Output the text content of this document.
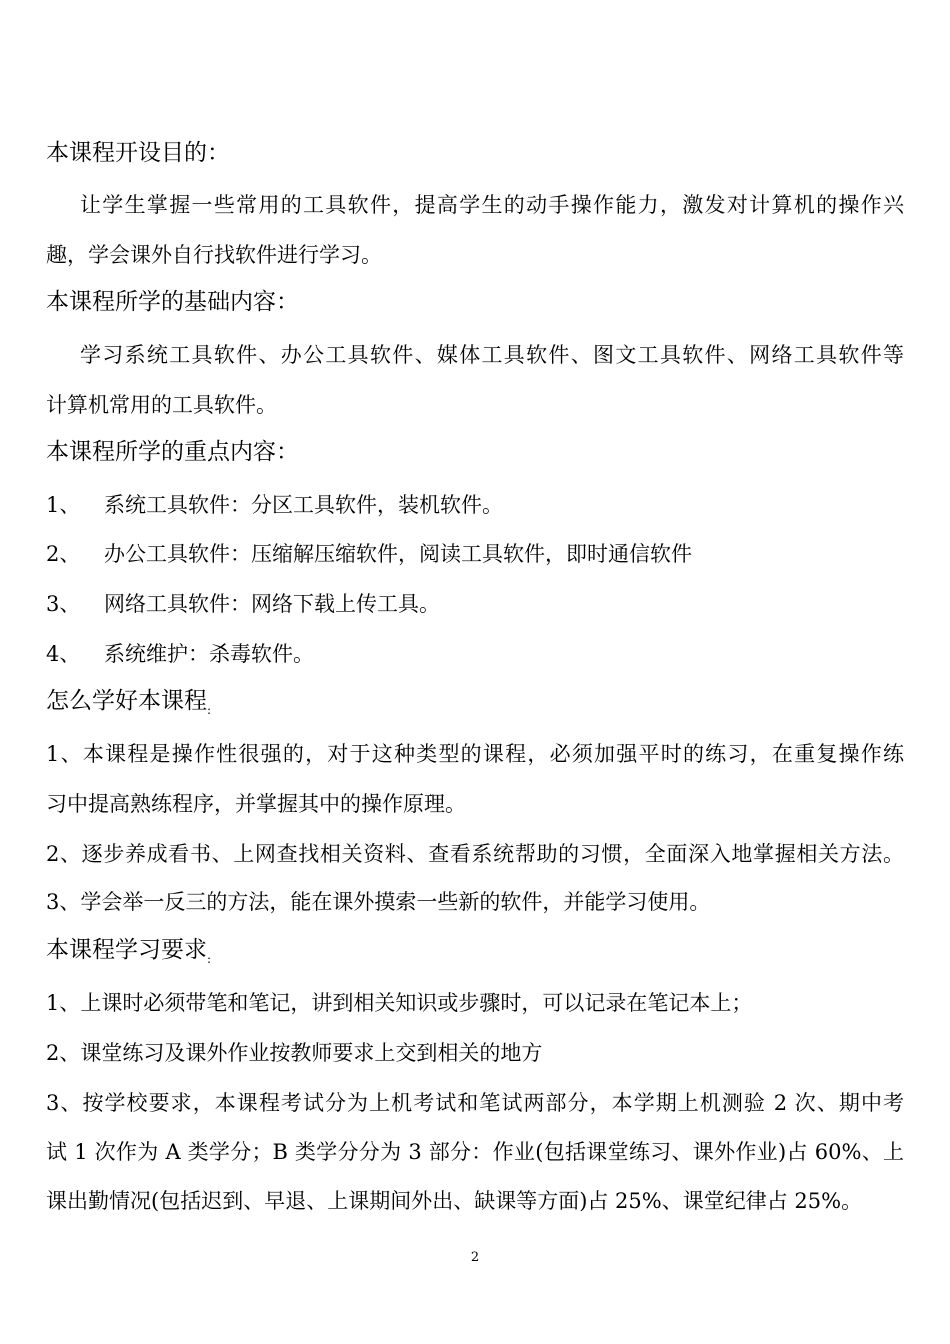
本课程开设目的：
让学生掌握一些常用的工具软件，提高学生的动手操作能力，激发对计算机的操作兴
趣，学会课外自行找软件进行学习。
本课程所学的基础内容：
学习系统工具软件、办公工具软件、媒体工具软件、图文工具软件、网络工具软件等
计算机常用的工具软件。
本课程所学的重点内容：
1、 系统工具软件：分区工具软件，装机软件。
2、 办公工具软件：压缩解压缩软件，阅读工具软件，即时通信软件
3、 网络工具软件：网络下载上传工具。
4、 系统维护：杀毒软件。
怎么学好本课程$_:$
1、本课程是操作性很强的，对于这种类型的课程，必须加强平时的练习，在重复操作练
习中提高熟练程序，并掌握其中的操作原理。
2、逐步养成看书、上网查找相关资料、查看系统帮助的习惯，全面深入地掌握相关方法。
3、学会举一反三的方法，能在课外摸索一些新的软件，并能学习使用。
本课程学习要求$_:$
1、上课时必须带笔和笔记，讲到相关知识或步骤时，可以记录在笔记本上；
2、课堂练习及课外作业按教师要求上交到相关的地方
3、按学校要求，本课程考试分为上机考试和笔试两部分，本学期上机测验 2 次、期中考
试 1 次作为 A 类学分；B 类学分分为 3 部分：作业(包括课堂练习、课外作业)占 60%、上
课出勤情况(包括迟到、早退、上课期间外出、缺课等方面)占 25%、课堂纪律占 25%。
2
